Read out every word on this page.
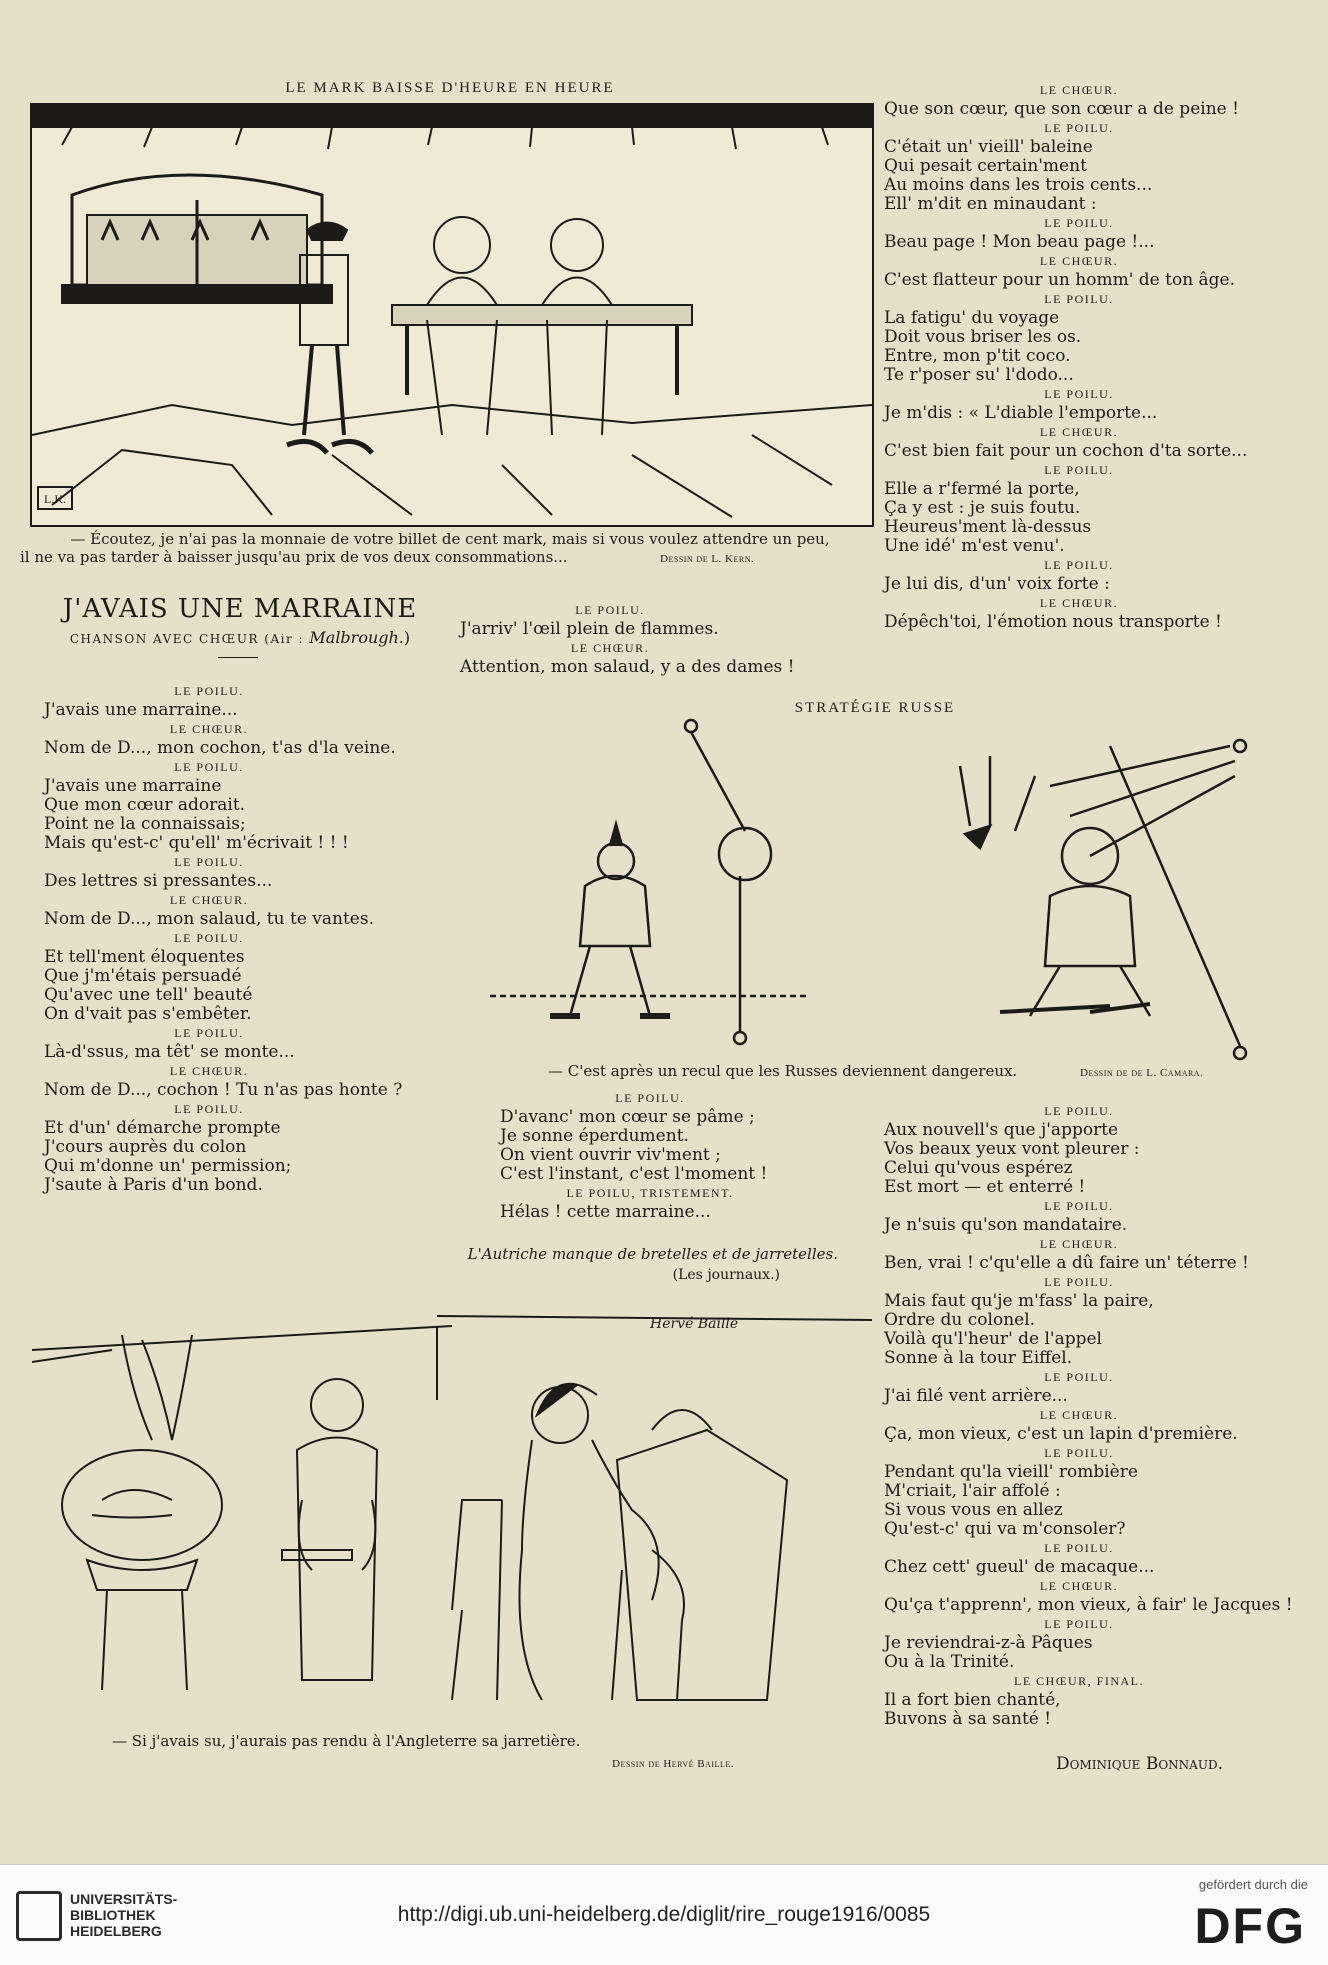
LE MARK BAISSE D'HEURE EN HEURE
L.K.
— Écoutez, je n'ai pas la monnaie de votre billet de cent mark, mais si vous voulez attendre un peu,
il ne va pas tarder à baisser jusqu'au prix de vos deux consommations...	Dessin de L. Kern.
J'AVAIS UNE MARRAINE
CHANSON AVEC CHŒUR (Air : Malbrough.)
LE POILU.
J'avais une marraine...
LE CHŒUR.
Nom de D..., mon cochon, t'as d'la veine.
LE POILU.
J'avais une marraine
Que mon cœur adorait.
Point ne la connaissais;
Mais qu'est-c' qu'ell' m'écrivait ! ! !
LE POILU.
Des lettres si pressantes...
LE CHŒUR.
Nom de D..., mon salaud, tu te vantes.
LE POILU.
Et tell'ment éloquentes
Que j'm'étais persuadé
Qu'avec une tell' beauté
On d'vait pas s'embêter.
LE POILU.
Là-d'ssus, ma têt' se monte...
LE CHŒUR.
Nom de D..., cochon ! Tu n'as pas honte ?
LE POILU.
Et d'un' démarche prompte
J'cours auprès du colon
Qui m'donne un' permission;
J'saute à Paris d'un bond.
LE POILU.
J'arriv' l'œil plein de flammes.
LE CHŒUR.
Attention, mon salaud, y a des dames !
STRATÉGIE RUSSE
— C'est après un recul que les Russes deviennent dangereux.	Dessin de de L. Camara.
LE POILU.
D'avanc' mon cœur se pâme ;
Je sonne éperdument.
On vient ouvrir viv'ment ;
C'est l'instant, c'est l'moment !
LE POILU, TRISTEMENT.
Hélas ! cette marraine...
LE CHŒUR.
Que son cœur, que son cœur a de peine !
LE POILU.
C'était un' vieill' baleine
Qui pesait certain'ment
Au moins dans les trois cents...
Ell' m'dit en minaudant :
LE POILU.
Beau page ! Mon beau page !...
LE CHŒUR.
C'est flatteur pour un homm' de ton âge.
LE POILU.
La fatigu' du voyage
Doit vous briser les os.
Entre, mon p'tit coco.
Te r'poser su' l'dodo...
LE POILU.
Je m'dis : « L'diable l'emporte...
LE CHŒUR.
C'est bien fait pour un cochon d'ta sorte...
LE POILU.
Elle a r'fermé la porte,
Ça y est : je suis foutu.
Heureus'ment là-dessus
Une idé' m'est venu'.
LE POILU.
Je lui dis, d'un' voix forte :
LE CHŒUR.
Dépêch'toi, l'émotion nous transporte !
LE POILU.
Aux nouvell's que j'apporte
Vos beaux yeux vont pleurer :
Celui qu'vous espérez
Est mort — et enterré !
LE POILU.
Je n'suis qu'son mandataire.
LE CHŒUR.
Ben, vrai ! c'qu'elle a dû faire un' téterre !
LE POILU.
Mais faut qu'je m'fass' la paire,
Ordre du colonel.
Voilà qu'l'heur' de l'appel
Sonne à la tour Eiffel.
LE POILU.
J'ai filé vent arrière...
LE CHŒUR.
Ça, mon vieux, c'est un lapin d'première.
LE POILU.
Pendant qu'la vieill' rombière
M'criait, l'air affolé :
Si vous vous en allez
Qu'est-c' qui va m'consoler?
LE POILU.
Chez cett' gueul' de macaque...
LE CHŒUR.
Qu'ça t'apprenn', mon vieux, à fair' le Jacques !
LE POILU.
Je reviendrai-z-à Pâques
Ou à la Trinité.
LE CHŒUR, FINAL.
Il a fort bien chanté,
Buvons à sa santé !
Dominique Bonnaud.
L'Autriche manque de bretelles et de jarretelles.
(Les journaux.)
Hervé Baille
— Si j'avais su, j'aurais pas rendu à l'Angleterre sa jarretière.
Dessin de Hervé Baille.
UNIVERSITÄTS-
BIBLIOTHEK
HEIDELBERG
http://digi.ub.uni-heidelberg.de/diglit/rire_rouge1916/0085
gefördert durch die
DFG
